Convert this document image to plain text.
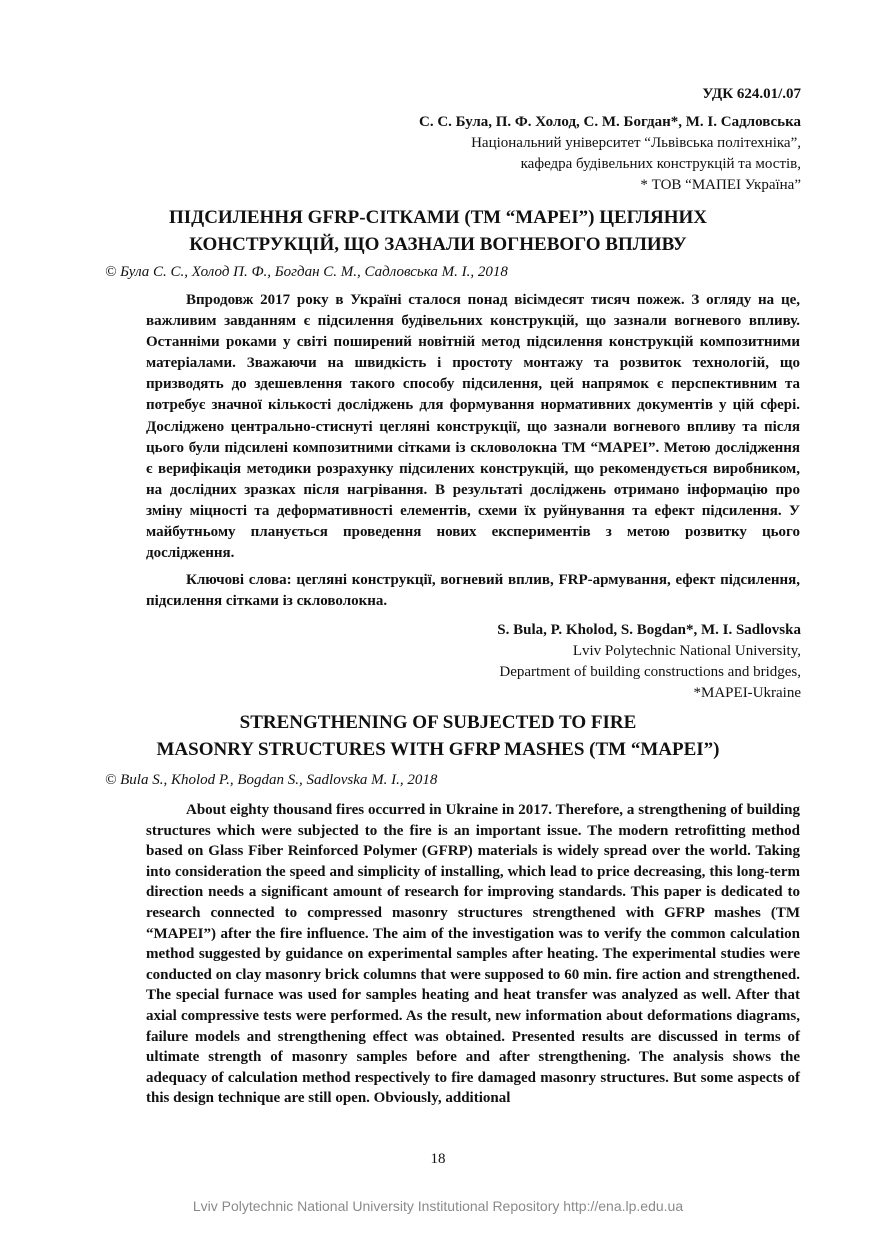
УДК 624.01/.07
С. С. Була, П. Ф. Холод, С. М. Богдан*, М. І. Садловська
Національний університет “Львівська політехніка”,
кафедра будівельних конструкцій та мостів,
* ТОВ “МАПЕІ Україна”
ПІДСИЛЕННЯ GFRP-СІТКАМИ (ТМ “МАРЕІ”) ЦЕГЛЯНИХ
КОНСТРУКЦІЙ, ЩО ЗАЗНАЛИ ВОГНЕВОГО ВПЛИВУ
© Була С. С., Холод П. Ф., Богдан С. М., Садловська М. І., 2018

Впродовж 2017 року в Україні сталося понад вісімдесят тисяч пожеж. З огляду на це, важливим завданням є підсилення будівельних конструкцій, що зазнали вогневого впливу. Останніми роками у світі поширений новітній метод підсилення конструкцій композитними матеріалами. Зважаючи на швидкість і простоту монтажу та розвиток технологій, що призводять до здешевлення такого способу підсилення, цей напрямок є перспективним та потребує значної кількості досліджень для формування нормативних документів у цій сфері. Досліджено центрально-стиснуті цегляні конструкції, що зазнали вогневого впливу та після цього були підсилені композитними сітками із скловолокна ТМ “МАРЕІ”. Метою дослідження є верифікація методики розрахунку підсилених конструкцій, що рекомендується виробником, на дослідних зразках після нагрівання. В результаті досліджень отримано інформацію про зміну міцності та деформативності елементів, схеми їх руйнування та ефект підсилення. У майбутньому планується проведення нових експериментів з метою розвитку цього дослідження.

Ключові слова: цегляні конструкції, вогневий вплив, FRP-армування, ефект підсилення, підсилення сітками із скловолокна.
S. Bula, P. Kholod, S. Bogdan*, M. I. Sadlovska
Lviv Polytechnic National University,
Department of building constructions and bridges,
*MAPEI-Ukraine
STRENGTHENING OF SUBJECTED TO FIRE
MASONRY STRUCTURES WITH GFRP MASHES (TM “MAPEI”)
© Bula S., Kholod P., Bogdan S., Sadlovska M. I., 2018

About eighty thousand fires occurred in Ukraine in 2017. Therefore, a strengthening of building structures which were subjected to the fire is an important issue. The modern retrofitting method based on Glass Fiber Reinforced Polymer (GFRP) materials is widely spread over the world. Taking into consideration the speed and simplicity of installing, which lead to price decreasing, this long-term direction needs a significant amount of research for improving standards. This paper is dedicated to research connected to compressed masonry structures strengthened with GFRP mashes (TM “MAPEI”) after the fire influence. The aim of the investigation was to verify the common calculation method suggested by guidance on experimental samples after heating. The experimental studies were conducted on clay masonry brick columns that were supposed to 60 min. fire action and strengthened. The special furnace was used for samples heating and heat transfer was analyzed as well. After that axial compressive tests were performed. As the result, new information about deformations diagrams, failure models and strengthening effect was obtained. Presented results are discussed in terms of ultimate strength of masonry samples before and after strengthening. The analysis shows the adequacy of calculation method respectively to fire damaged masonry structures. But some aspects of this design technique are still open. Obviously, additional

18
Lviv Polytechnic National University Institutional Repository http://ena.lp.edu.ua
